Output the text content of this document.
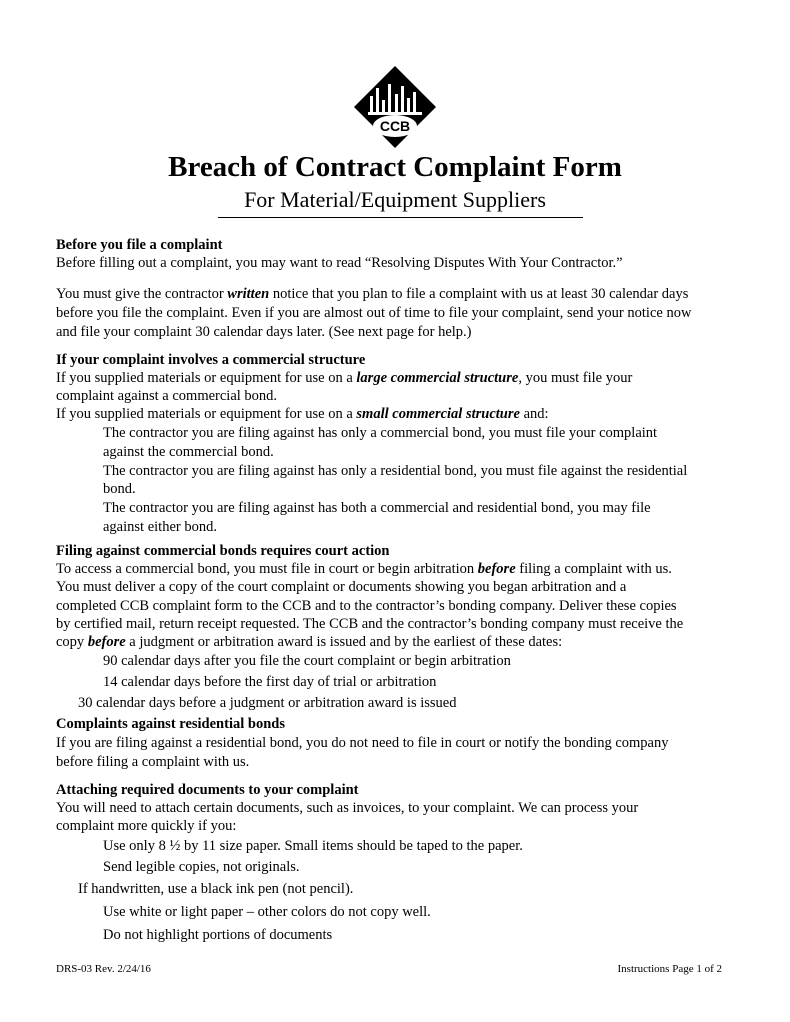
CCB
Breach of Contract Complaint Form
For Material/Equipment Suppliers
Before you file a complaint
Before filling out a complaint, you may want to read “Resolving Disputes With Your Contractor.”
You must give the contractor written notice that you plan to file a complaint with us at least 30 calendar days
before you file the complaint. Even if you are almost out of time to file your complaint, send your notice now
and file your complaint 30 calendar days later. (See next page for help.)
If your complaint involves a commercial structure
If you supplied materials or equipment for use on a large commercial structure, you must file your
complaint against a commercial bond.
If you supplied materials or equipment for use on a small commercial structure and:
The contractor you are filing against has only a commercial bond, you must file your complaint
against the commercial bond.
The contractor you are filing against has only a residential bond, you must file against the residential
bond.
The contractor you are filing against has both a commercial and residential bond, you may file
against either bond.
Filing against commercial bonds requires court action
To access a commercial bond, you must file in court or begin arbitration before filing a complaint with us.
You must deliver a copy of the court complaint or documents showing you began arbitration and a
completed CCB complaint form to the CCB and to the contractor’s bonding company. Deliver these copies
by certified mail, return receipt requested. The CCB and the contractor’s bonding company must receive the
copy before a judgment or arbitration award is issued and by the earliest of these dates:
90 calendar days after you file the court complaint or begin arbitration
14 calendar days before the first day of trial or arbitration
30 calendar days before a judgment or arbitration award is issued
Complaints against residential bonds
If you are filing against a residential bond, you do not need to file in court or notify the bonding company
before filing a complaint with us.
Attaching required documents to your complaint
You will need to attach certain documents, such as invoices, to your complaint. We can process your
complaint more quickly if you:
Use only 8 ½ by 11 size paper. Small items should be taped to the paper.
Send legible copies, not originals.
If handwritten, use a black ink pen (not pencil).
Use white or light paper – other colors do not copy well.
Do not highlight portions of documents
DRS-03 Rev. 2/24/16	Instructions Page 1 of 2
